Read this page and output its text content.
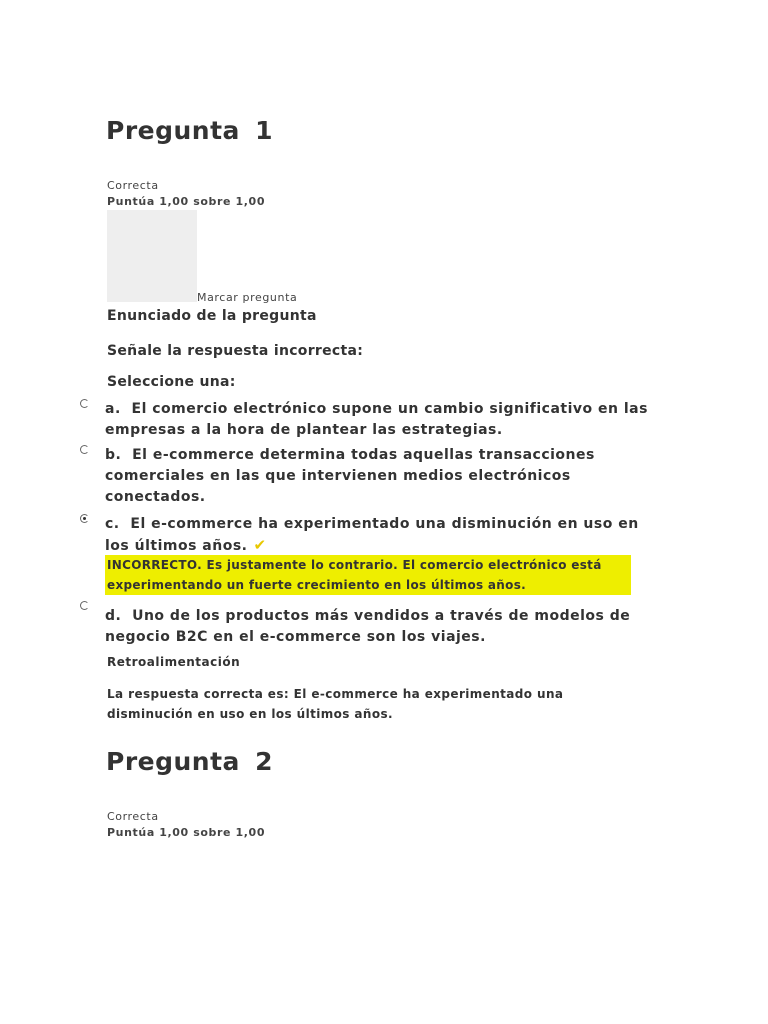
Pregunta 1
Correcta
Puntúa 1,00 sobre 1,00
Marcar pregunta
Enunciado de la pregunta
Señale la respuesta incorrecta:
Seleccione una:
a. El comercio electrónico supone un cambio significativo en las empresas a la hora de plantear las estrategias.
b. El e-commerce determina todas aquellas transacciones comerciales en las que intervienen medios electrónicos conectados.
c. El e-commerce ha experimentado una disminución en uso en los últimos años. ✔
INCORRECTO. Es justamente lo contrario. El comercio electrónico está experimentando un fuerte crecimiento en los últimos años.
d. Uno de los productos más vendidos a través de modelos de negocio B2C en el e-commerce son los viajes.
Retroalimentación
La respuesta correcta es: El e-commerce ha experimentado una disminución en uso en los últimos años.
Pregunta 2
Correcta
Puntúa 1,00 sobre 1,00
